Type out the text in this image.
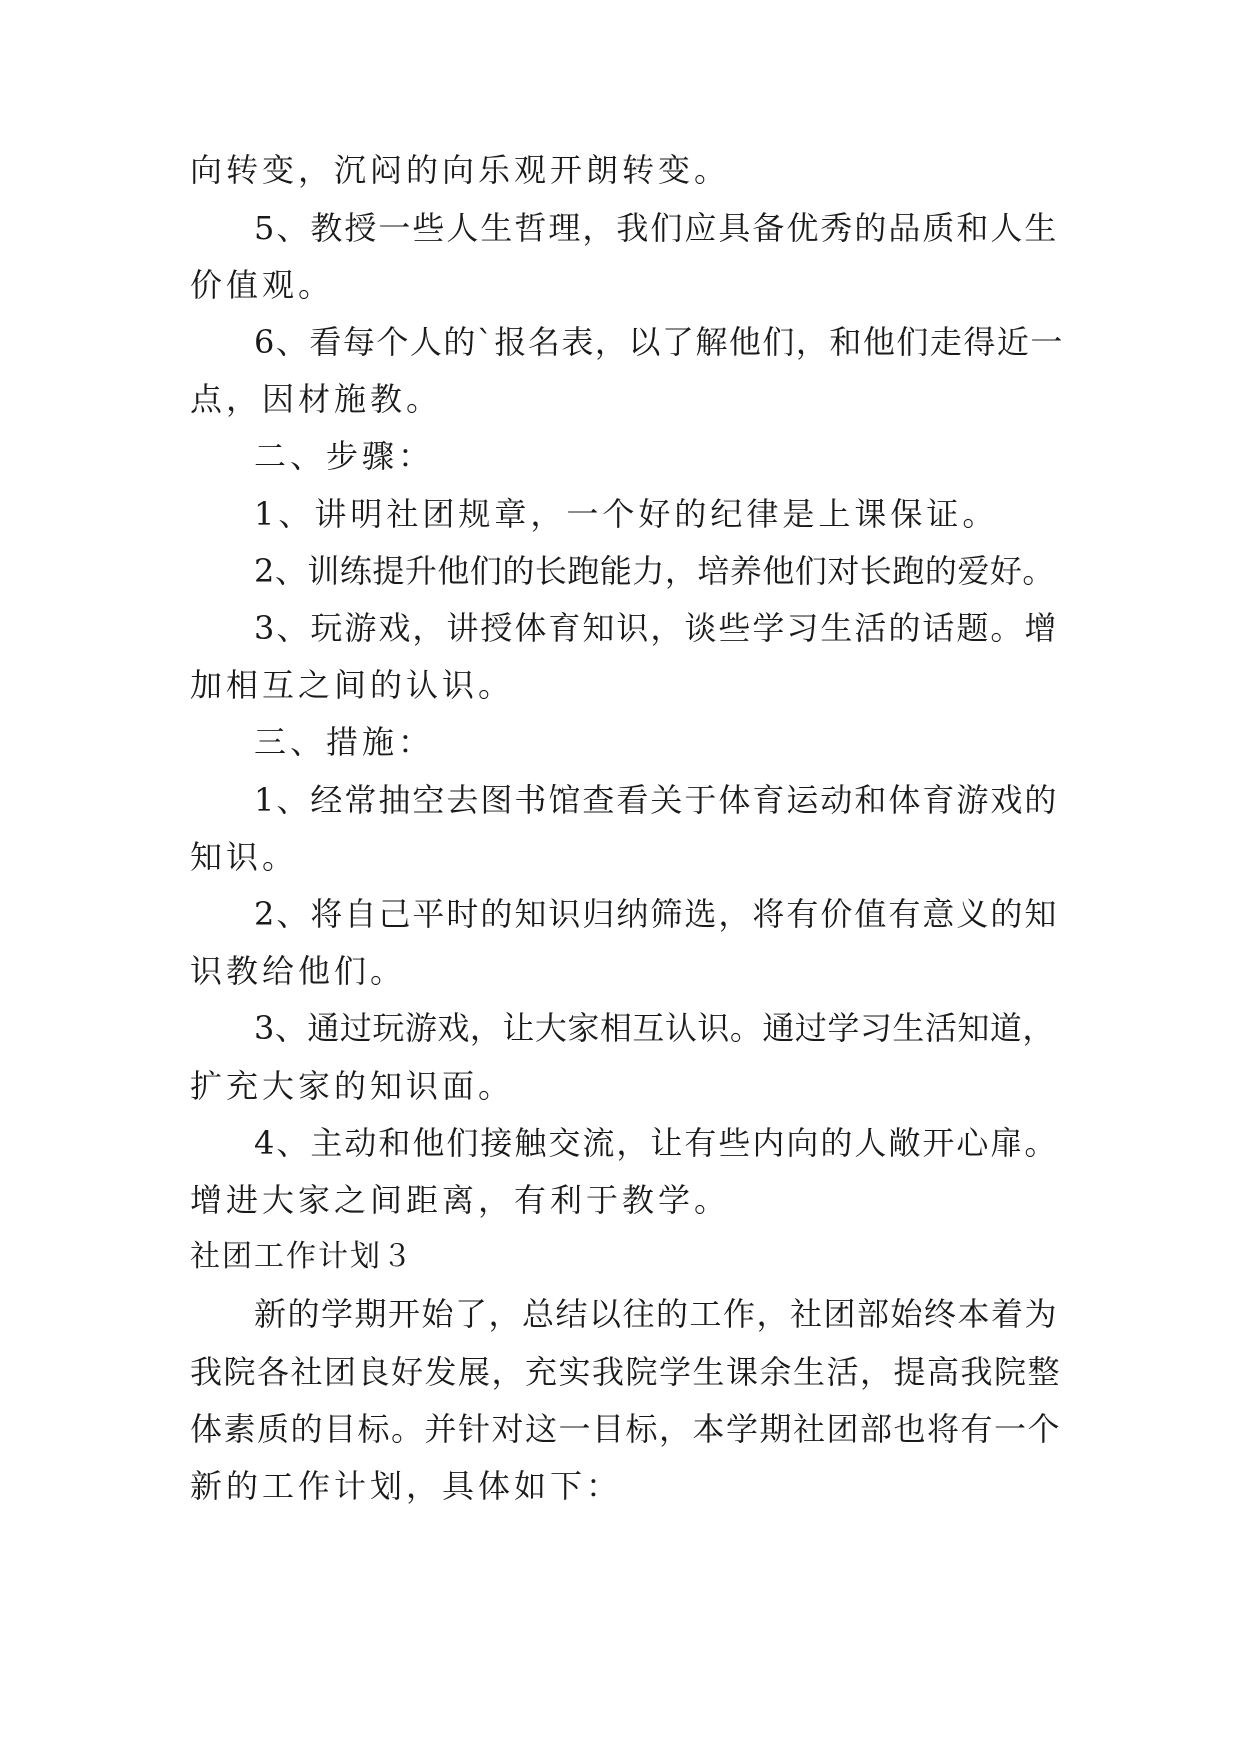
向转变，沉闷的向乐观开朗转变。
5、教授一些人生哲理，我们应具备优秀的品质和人生
价值观。
6、看每个人的`报名表，以了解他们，和他们走得近一
点，因材施教。
二、步骤：
1、讲明社团规章，一个好的纪律是上课保证。
2、训练提升他们的长跑能力，培养他们对长跑的爱好。
3、玩游戏，讲授体育知识，谈些学习生活的话题。增
加相互之间的认识。
三、措施：
1、经常抽空去图书馆查看关于体育运动和体育游戏的
知识。
2、将自己平时的知识归纳筛选，将有价值有意义的知
识教给他们。
3、通过玩游戏，让大家相互认识。通过学习生活知道，
扩充大家的知识面。
4、主动和他们接触交流，让有些内向的人敞开心扉。
增进大家之间距离，有利于教学。
社团工作计划３
新的学期开始了，总结以往的工作，社团部始终本着为
我院各社团良好发展，充实我院学生课余生活，提高我院整
体素质的目标。并针对这一目标，本学期社团部也将有一个
新的工作计划，具体如下：
